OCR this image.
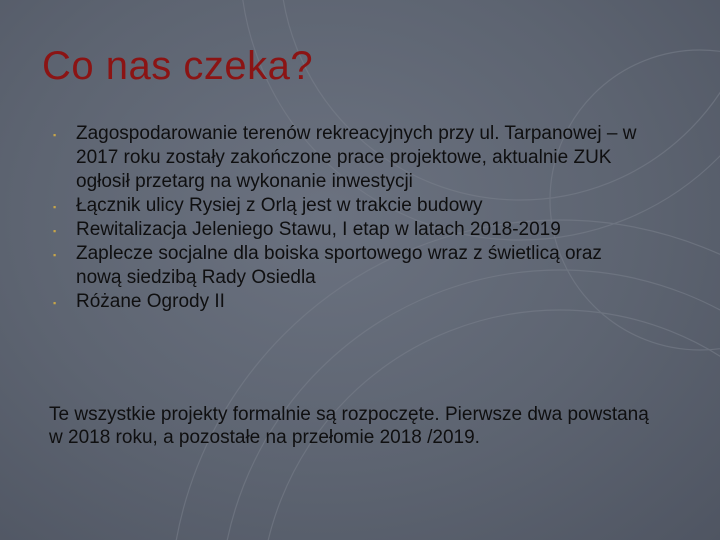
Co nas czeka?
▪ Zagospodarowanie terenów rekreacyjnych przy ul. Tarpanowej – w 2017 roku zostały zakończone prace projektowe, aktualnie ZUK ogłosił przetarg na wykonanie inwestycji
▪ Łącznik ulicy Rysiej z Orlą jest w trakcie budowy
▪ Rewitalizacja Jeleniego Stawu, I etap w latach 2018-2019
▪ Zaplecze socjalne dla boiska sportowego wraz z świetlicą oraz nową siedzibą Rady Osiedla
▪ Różane Ogrody II

Te wszystkie projekty formalnie są rozpoczęte. Pierwsze dwa powstaną w 2018 roku, a pozostałe na przełomie 2018 /2019.
